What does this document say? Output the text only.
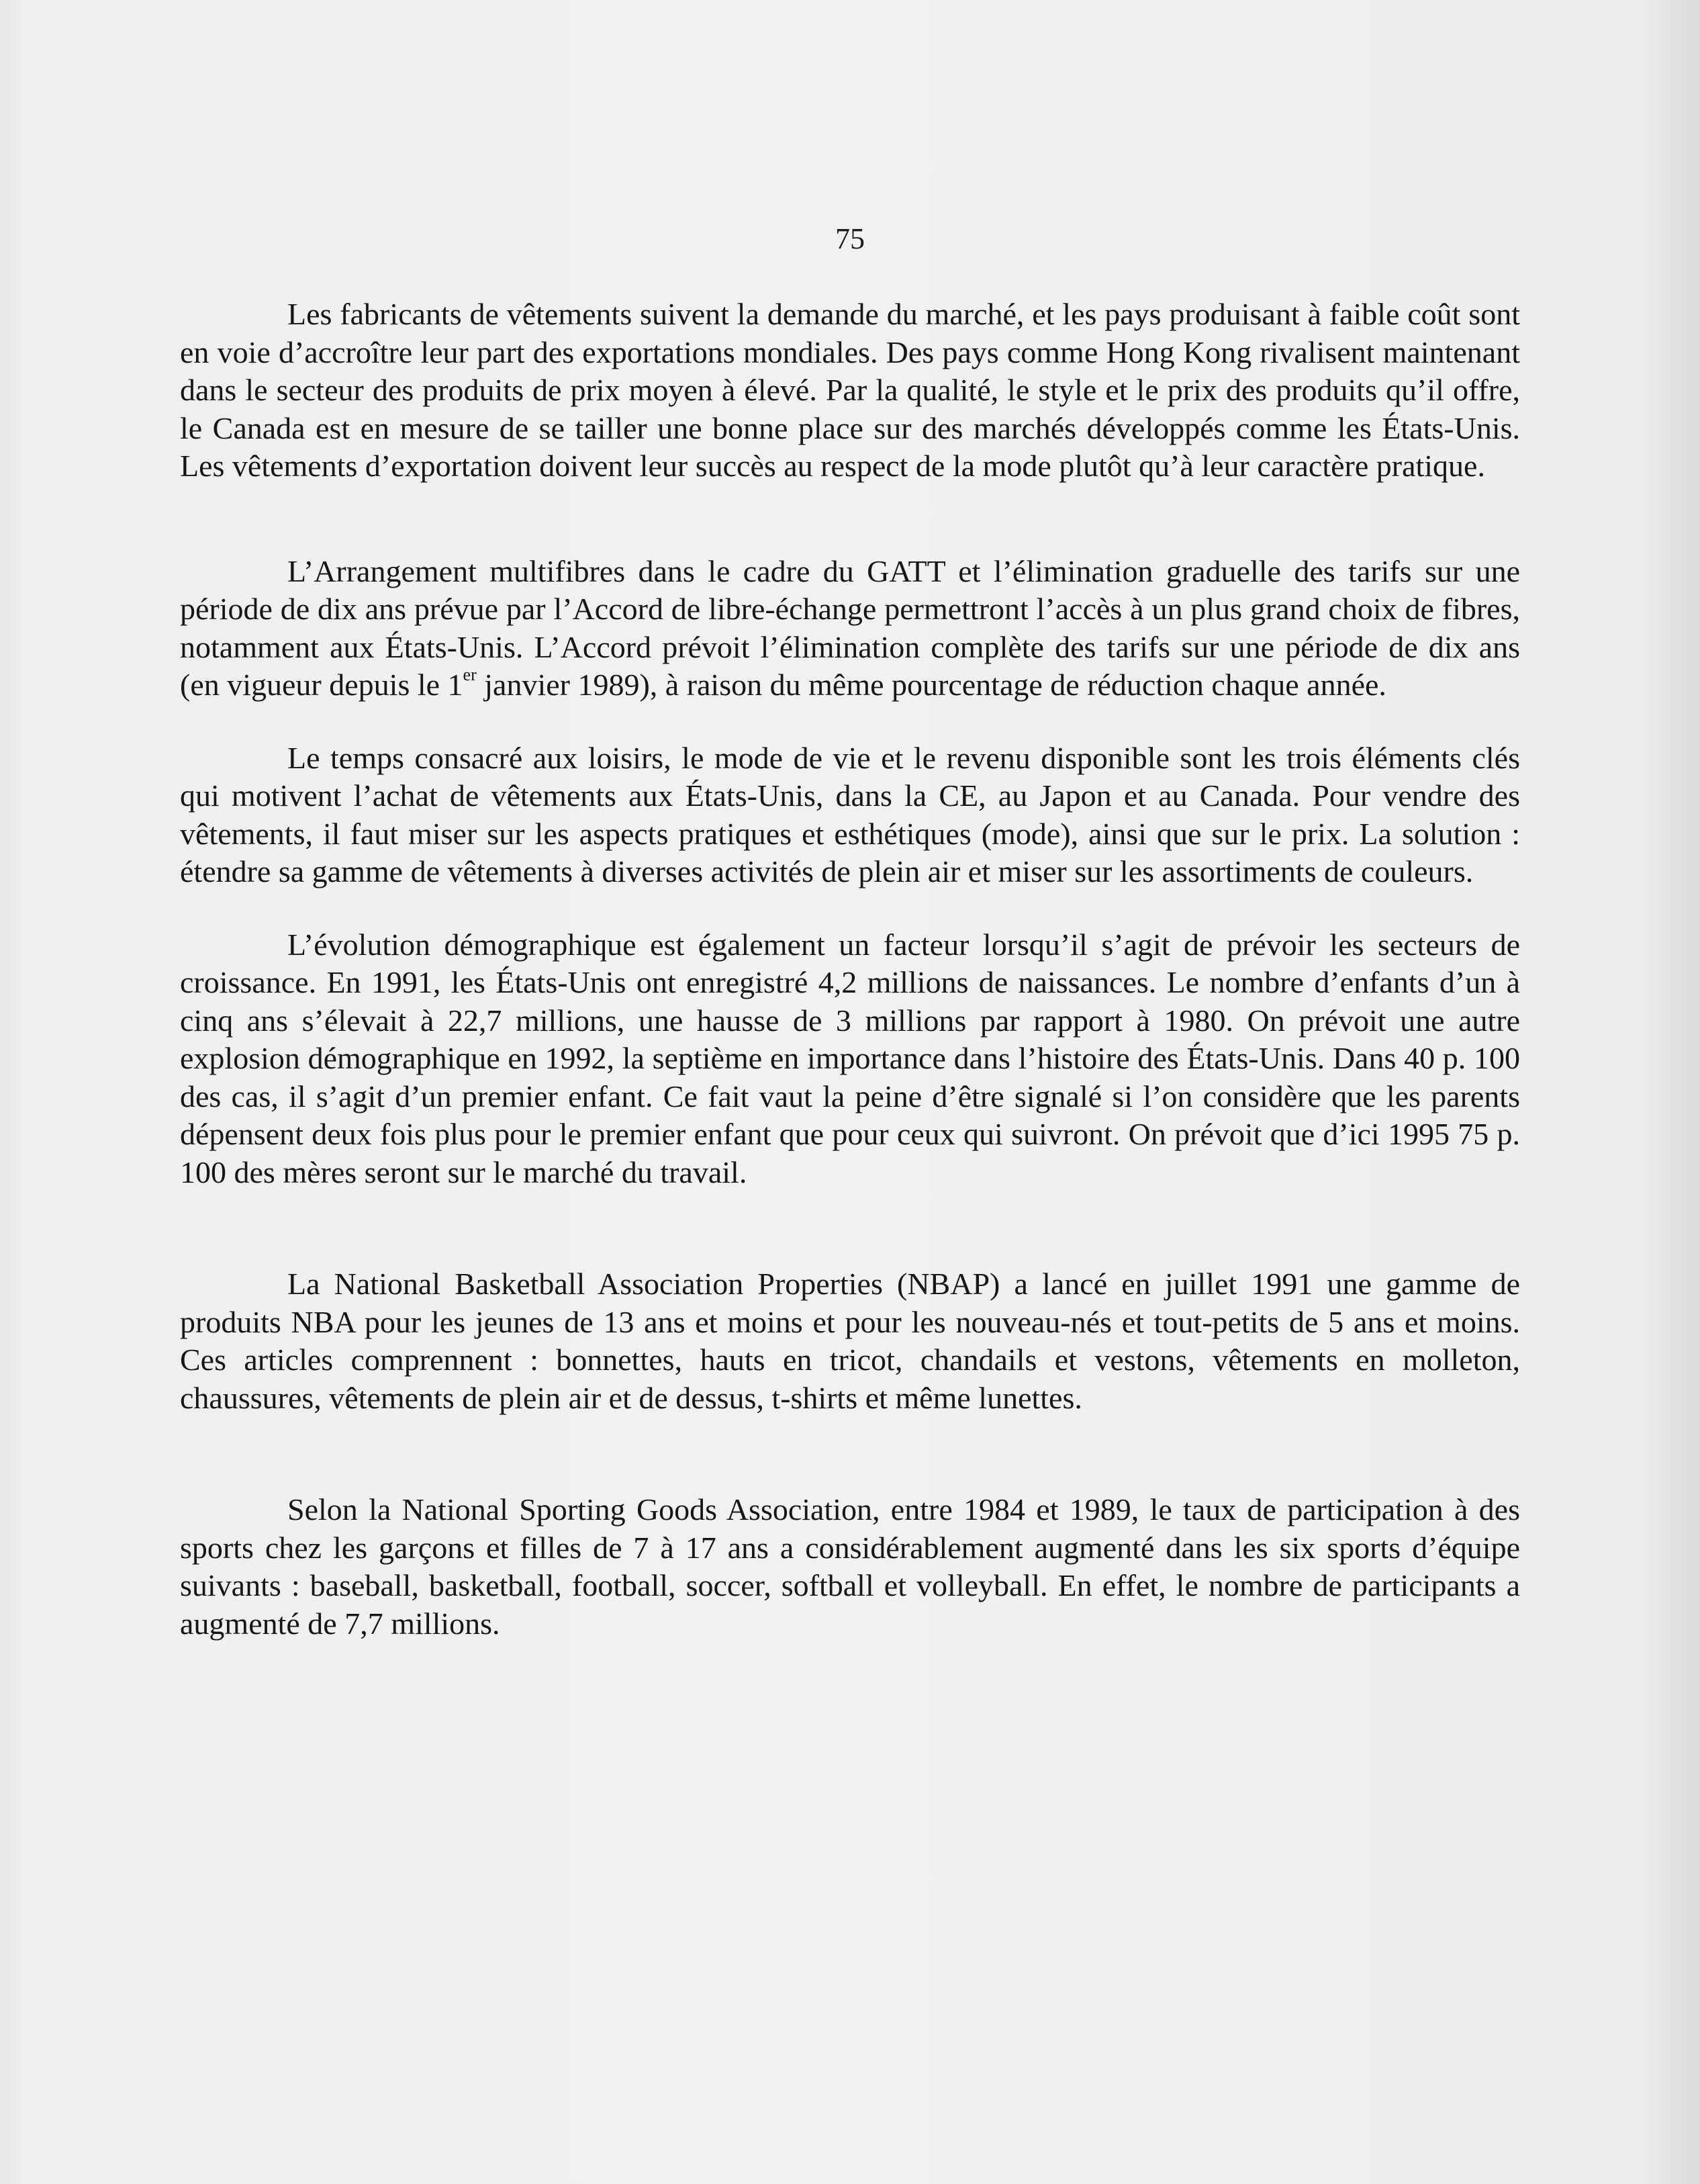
75

Les fabricants de vêtements suivent la demande du marché, et les pays produisant à faible coût sont en voie d’accroître leur part des exportations mondiales. Des pays comme Hong Kong rivalisent maintenant dans le secteur des produits de prix moyen à élevé. Par la qualité, le style et le prix des produits qu’il offre, le Canada est en mesure de se tailler une bonne place sur des marchés développés comme les États-Unis. Les vêtements d’exportation doivent leur succès au respect de la mode plutôt qu’à leur caractère pratique.

L’Arrangement multifibres dans le cadre du GATT et l’élimination graduelle des tarifs sur une période de dix ans prévue par l’Accord de libre-échange permettront l’accès à un plus grand choix de fibres, notamment aux États-Unis. L’Accord prévoit l’élimination complète des tarifs sur une période de dix ans (en vigueur depuis le 1er janvier 1989), à raison du même pourcentage de réduction chaque année.

Le temps consacré aux loisirs, le mode de vie et le revenu disponible sont les trois éléments clés qui motivent l’achat de vêtements aux États-Unis, dans la CE, au Japon et au Canada. Pour vendre des vêtements, il faut miser sur les aspects pratiques et esthétiques (mode), ainsi que sur le prix. La solution : étendre sa gamme de vêtements à diverses activités de plein air et miser sur les assortiments de couleurs.

L’évolution démographique est également un facteur lorsqu’il s’agit de prévoir les secteurs de croissance. En 1991, les États-Unis ont enregistré 4,2 millions de naissances. Le nombre d’enfants d’un à cinq ans s’élevait à 22,7 millions, une hausse de 3 millions par rapport à 1980. On prévoit une autre explosion démographique en 1992, la septième en importance dans l’histoire des États-Unis. Dans 40 p. 100 des cas, il s’agit d’un premier enfant. Ce fait vaut la peine d’être signalé si l’on considère que les parents dépensent deux fois plus pour le premier enfant que pour ceux qui suivront. On prévoit que d’ici 1995 75 p. 100 des mères seront sur le marché du travail.

La National Basketball Association Properties (NBAP) a lancé en juillet 1991 une gamme de produits NBA pour les jeunes de 13 ans et moins et pour les nouveau-nés et tout-petits de 5 ans et moins. Ces articles comprennent : bonnettes, hauts en tricot, chandails et vestons, vêtements en molleton, chaussures, vêtements de plein air et de dessus, t-shirts et même lunettes.

Selon la National Sporting Goods Association, entre 1984 et 1989, le taux de participation à des sports chez les garçons et filles de 7 à 17 ans a considérablement augmenté dans les six sports d’équipe suivants : baseball, basketball, football, soccer, softball et volleyball. En effet, le nombre de participants a augmenté de 7,7 millions.
